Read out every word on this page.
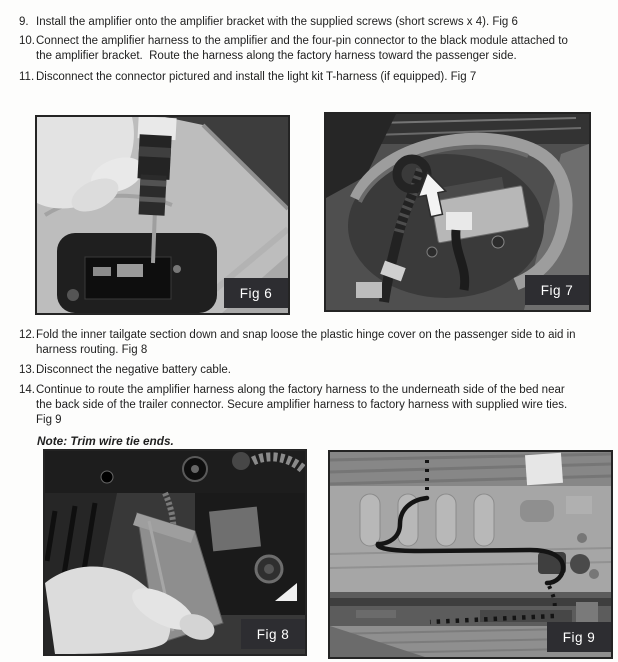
9. Install the amplifier onto the amplifier bracket with the supplied screws (short screws x 4). Fig 6
10. Connect the amplifier harness to the amplifier and the four-pin connector to the black module attached to
the amplifier bracket.  Route the harness along the factory harness toward the passenger side.
11. Disconnect the connector pictured and install the light kit T-harness (if equipped). Fig 7
Fig 6	Fig 7
12. Fold the inner tailgate section down and snap loose the plastic hinge cover on the passenger side to aid in
harness routing. Fig 8
13. Disconnect the negative battery cable.
14. Continue to route the amplifier harness along the factory harness to the underneath side of the bed near
the back side of the trailer connector. Secure amplifier harness to factory harness with supplied wire ties.
Fig 9
Note: Trim wire tie ends.
Fig 8	Fig 9
